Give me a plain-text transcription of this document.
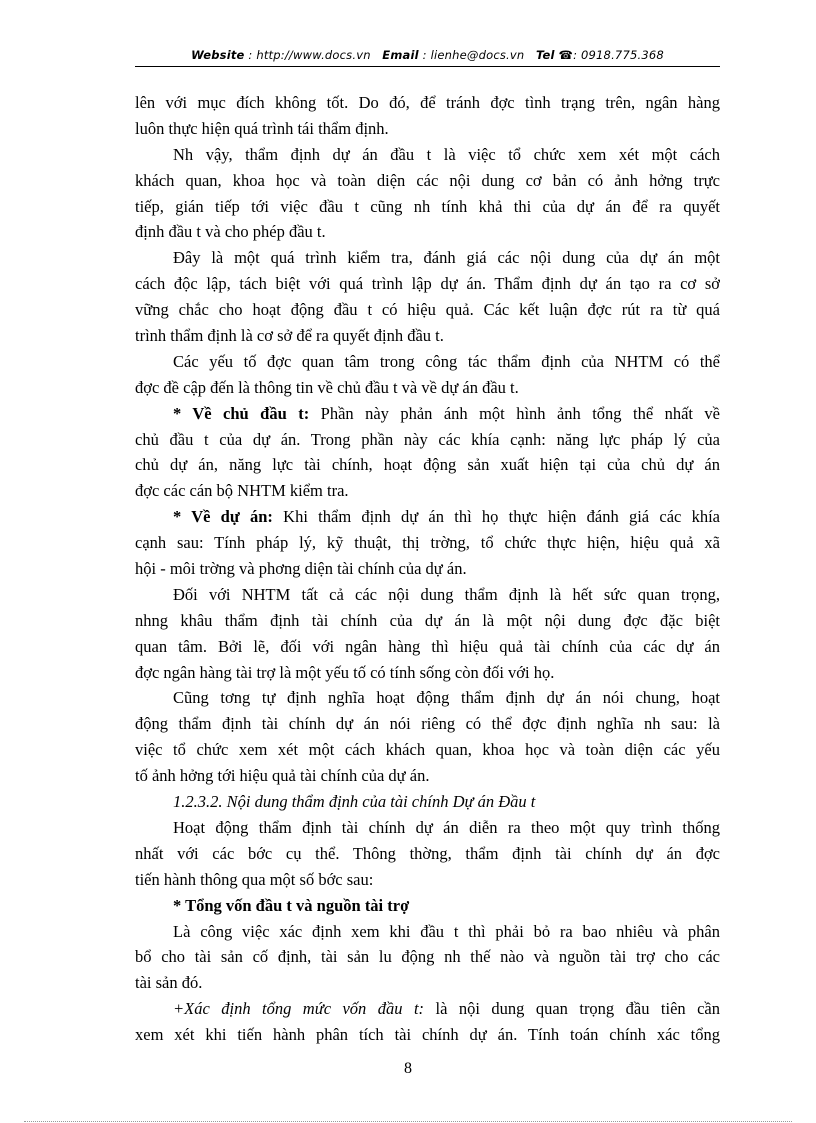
Website : http://www.docs.vn Email : lienhe@docs.vn Tel ☎: 0918.775.368
lên với mục đích không tốt. Do đó, để tránh đợc tình trạng trên, ngân hàng
luôn thực hiện quá trình tái thẩm định.
Nh vậy, thẩm định dự án đầu t là việc tổ chức xem xét một cách
khách quan, khoa học và toàn diện các nội dung cơ bản có ảnh hởng trực
tiếp, gián tiếp tới việc đầu t cũng nh tính khả thi của dự án để ra quyết
định đầu t và cho phép đầu t.
Đây là một quá trình kiểm tra, đánh giá các nội dung của dự án một
cách độc lập, tách biệt với quá trình lập dự án. Thẩm định dự án tạo ra cơ sở
vững chắc cho hoạt động đầu t có hiệu quả. Các kết luận đợc rút ra từ quá
trình thẩm định là cơ sở để ra quyết định đầu t.
Các yếu tố đợc quan tâm trong công tác thẩm định của NHTM có thể
đợc đề cập đến là thông tin về chủ đầu t và về dự án đầu t.
* Về chủ đầu t: Phần này phản ánh một hình ảnh tổng thể nhất về
chủ đầu t của dự án. Trong phần này các khía cạnh: năng lực pháp lý của
chủ dự án, năng lực tài chính, hoạt động sản xuất hiện tại của chủ dự án
đợc các cán bộ NHTM kiểm tra.
* Về dự án: Khi thẩm định dự án thì họ thực hiện đánh giá các khía
cạnh sau: Tính pháp lý, kỹ thuật, thị trờng, tổ chức thực hiện, hiệu quả xã
hội - môi trờng và phơng diện tài chính của dự án.
Đối với NHTM tất cả các nội dung thẩm định là hết sức quan trọng,
nhng khâu thẩm định tài chính của dự án là một nội dung đợc đặc biệt
quan tâm. Bởi lẽ, đối với ngân hàng thì hiệu quả tài chính của các dự án
đợc ngân hàng tài trợ là một yếu tố có tính sống còn đối với họ.
Cũng tơng tự định nghĩa hoạt động thẩm định dự án nói chung, hoạt
động thẩm định tài chính dự án nói riêng có thể đợc định nghĩa nh sau: là
việc tổ chức xem xét một cách khách quan, khoa học và toàn diện các yếu
tố ảnh hởng tới hiệu quả tài chính của dự án.
1.2.3.2. Nội dung thẩm định của tài chính Dự án Đầu t
Hoạt động thẩm định tài chính dự án diễn ra theo một quy trình thống
nhất với các bớc cụ thể. Thông thờng, thẩm định tài chính dự án đợc
tiến hành thông qua một số bớc sau:
* Tổng vốn đầu t và nguồn tài trợ
Là công việc xác định xem khi đầu t thì phải bỏ ra bao nhiêu và phân
bổ cho tài sản cố định, tài sản lu động nh thế nào và nguồn tài trợ cho các
tài sản đó.
+Xác định tổng mức vốn đầu t: là nội dung quan trọng đầu tiên cần
xem xét khi tiến hành phân tích tài chính dự án. Tính toán chính xác tổng
8
